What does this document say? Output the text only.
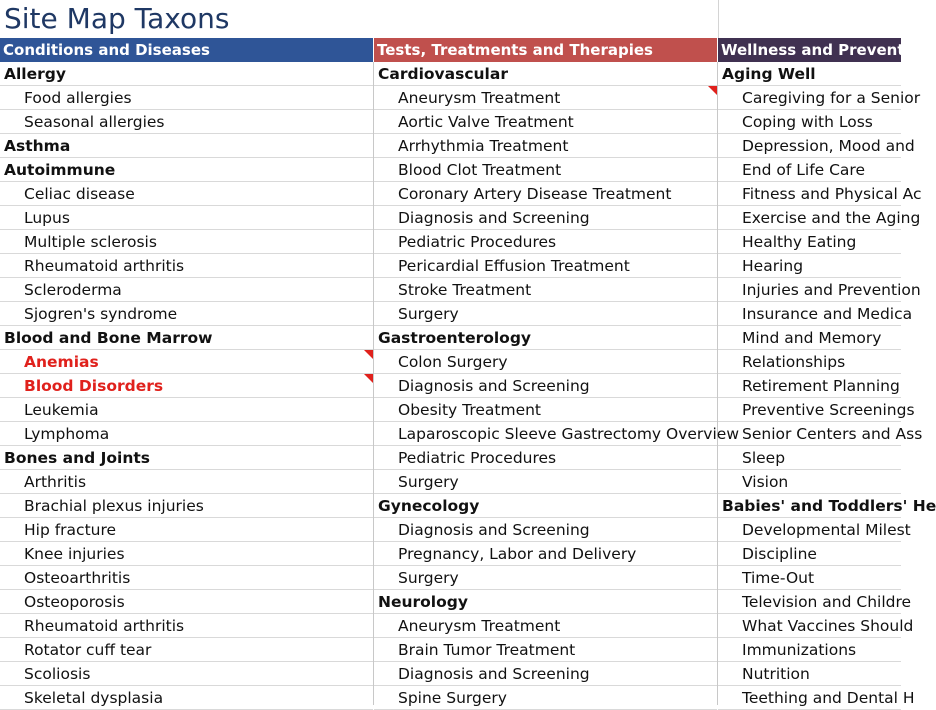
Site Map Taxons
Conditions and Diseases	Tests, Treatments and Therapies	Wellness and Prevention
Allergy
Food allergies
Seasonal allergies
Asthma
Autoimmune
Celiac disease
Lupus
Multiple sclerosis
Rheumatoid arthritis
Scleroderma
Sjogren's syndrome
Blood and Bone Marrow
Anemias
Blood Disorders
Leukemia
Lymphoma
Bones and Joints
Arthritis
Brachial plexus injuries
Hip fracture
Knee injuries
Osteoarthritis
Osteoporosis
Rheumatoid arthritis
Rotator cuff tear
Scoliosis
Skeletal dysplasia
Cardiovascular
Aneurysm Treatment
Aortic Valve Treatment
Arrhythmia Treatment
Blood Clot Treatment
Coronary Artery Disease Treatment
Diagnosis and Screening
Pediatric Procedures
Pericardial Effusion Treatment
Stroke Treatment
Surgery
Gastroenterology
Colon Surgery
Diagnosis and Screening
Obesity Treatment
Laparoscopic Sleeve Gastrectomy Overview
Pediatric Procedures
Surgery
Gynecology
Diagnosis and Screening
Pregnancy, Labor and Delivery
Surgery
Neurology
Aneurysm Treatment
Brain Tumor Treatment
Diagnosis and Screening
Spine Surgery
Aging Well
Caregiving for a Senior
Coping with Loss
Depression, Mood and
End of Life Care
Fitness and Physical Ac
Exercise and the Aging
Healthy Eating
Hearing
Injuries and Prevention
Insurance and Medica
Mind and Memory
Relationships
Retirement Planning
Preventive Screenings
Senior Centers and Ass
Sleep
Vision
Babies' and Toddlers' He
Developmental Milest
Discipline
Time-Out
Television and Childre
What Vaccines Should
Immunizations
Nutrition
Teething and Dental H
